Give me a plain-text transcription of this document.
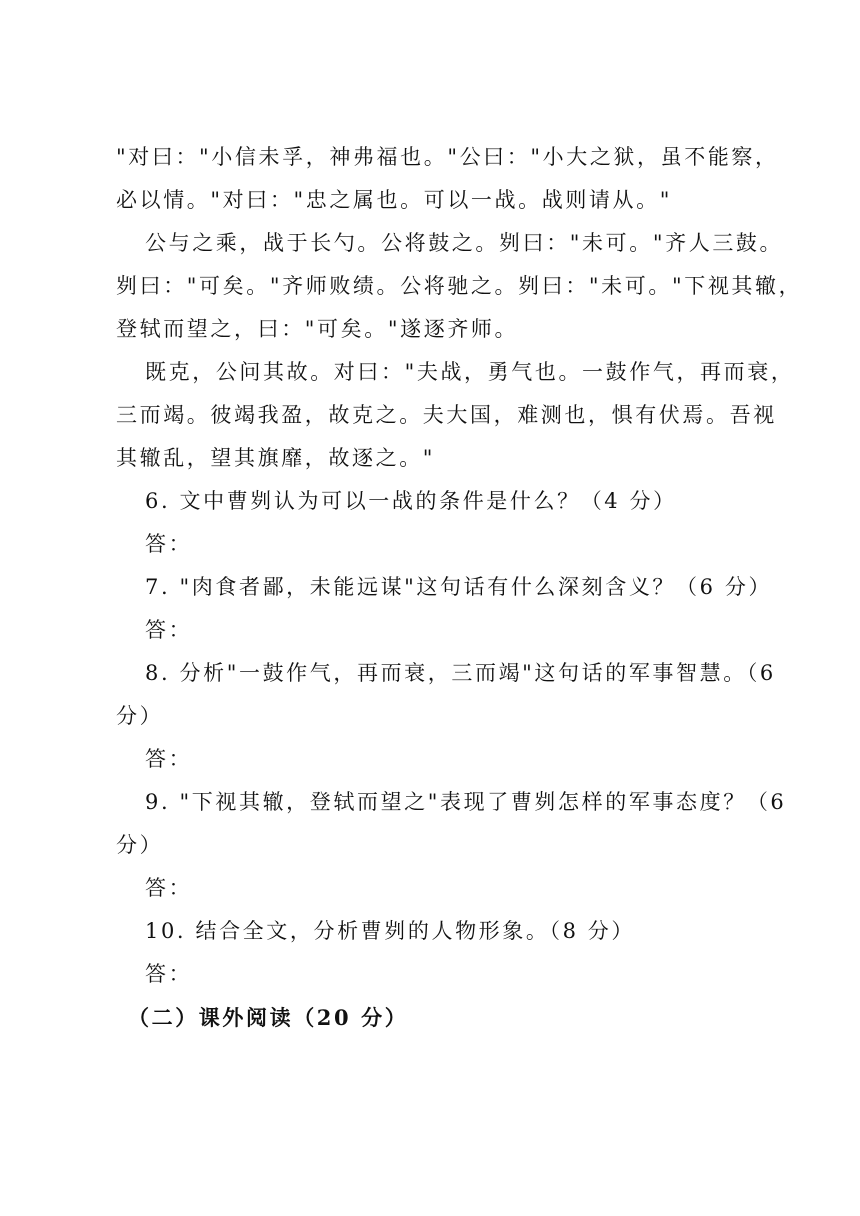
"对曰："小信未孚，神弗福也。"公曰："小大之狱，虽不能察，
必以情。"对曰："忠之属也。可以一战。战则请从。"
公与之乘，战于长勺。公将鼓之。刿曰："未可。"齐人三鼓。
刿曰："可矣。"齐师败绩。公将驰之。刿曰："未可。"下视其辙，
登轼而望之，曰："可矣。"遂逐齐师。
既克，公问其故。对曰："夫战，勇气也。一鼓作气，再而衰，
三而竭。彼竭我盈，故克之。夫大国，难测也，惧有伏焉。吾视
其辙乱，望其旗靡，故逐之。"
6. 文中曹刿认为可以一战的条件是什么？（4 分）
答：
7. "肉食者鄙，未能远谋"这句话有什么深刻含义？（6 分）
答：
8. 分析"一鼓作气，再而衰，三而竭"这句话的军事智慧。（6
分）
答：
9. "下视其辙，登轼而望之"表现了曹刿怎样的军事态度？（6
分）
答：
10. 结合全文，分析曹刿的人物形象。（8 分）
答：
（二）课外阅读（20 分）
